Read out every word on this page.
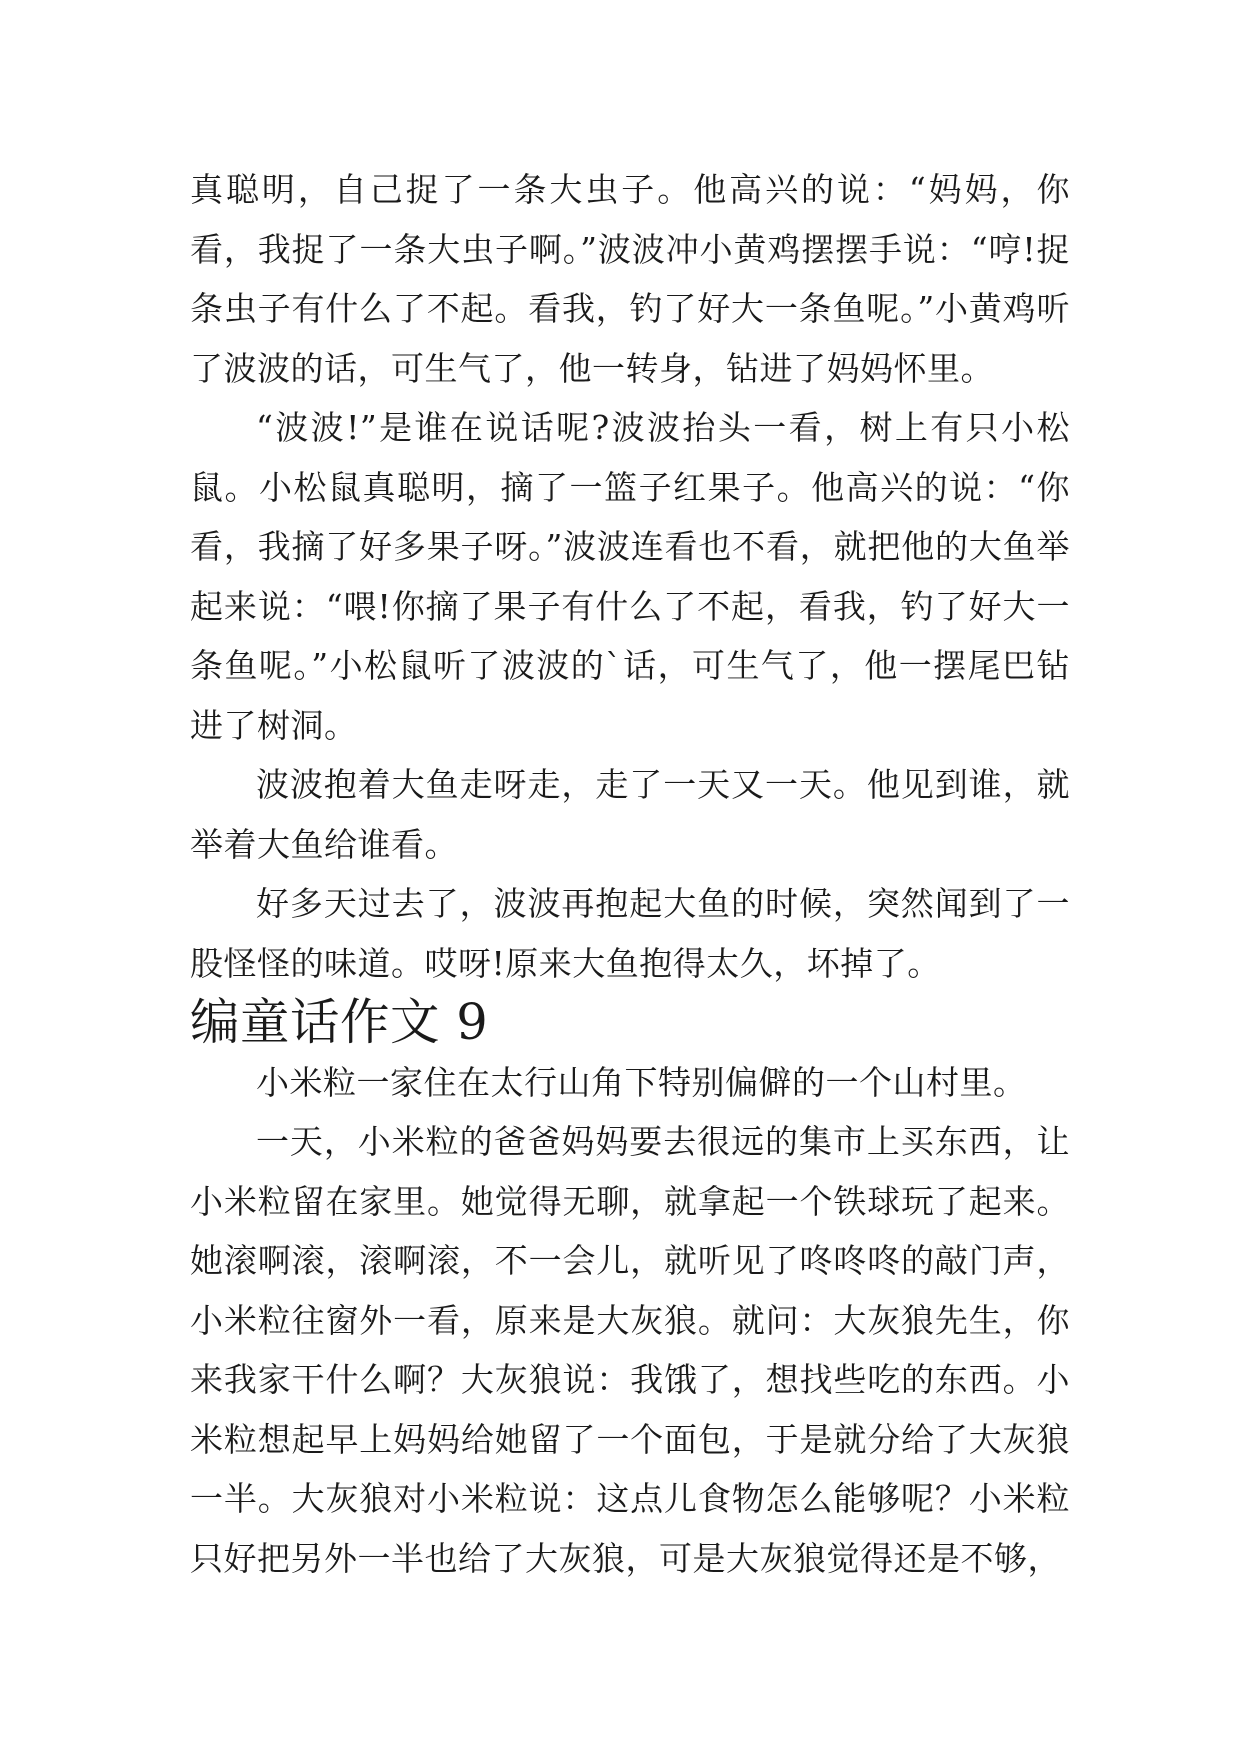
真聪明，自己捉了一条大虫子。他高兴的说：“妈妈，你看，我捉了一条大虫子啊。”波波冲小黄鸡摆摆手说：“哼!捉条虫子有什么了不起。看我，钓了好大一条鱼呢。”小黄鸡听了波波的话，可生气了，他一转身，钻进了妈妈怀里。

“波波!”是谁在说话呢?波波抬头一看，树上有只小松鼠。小松鼠真聪明，摘了一篮子红果子。他高兴的说：“你看，我摘了好多果子呀。”波波连看也不看，就把他的大鱼举起来说：“喂!你摘了果子有什么了不起，看我，钓了好大一条鱼呢。”小松鼠听了波波的`话，可生气了，他一摆尾巴钻进了树洞。

波波抱着大鱼走呀走，走了一天又一天。他见到谁，就举着大鱼给谁看。

好多天过去了，波波再抱起大鱼的时候，突然闻到了一股怪怪的味道。哎呀!原来大鱼抱得太久，坏掉了。

编童话作文 9

小米粒一家住在太行山角下特别偏僻的一个山村里。

一天，小米粒的爸爸妈妈要去很远的集市上买东西，让小米粒留在家里。她觉得无聊，就拿起一个铁球玩了起来。她滚啊滚，滚啊滚，不一会儿，就听见了咚咚咚的敲门声，小米粒往窗外一看，原来是大灰狼。就问：大灰狼先生，你来我家干什么啊？大灰狼说：我饿了，想找些吃的东西。小米粒想起早上妈妈给她留了一个面包，于是就分给了大灰狼一半。大灰狼对小米粒说：这点儿食物怎么能够呢？小米粒只好把另外一半也给了大灰狼，可是大灰狼觉得还是不够，
